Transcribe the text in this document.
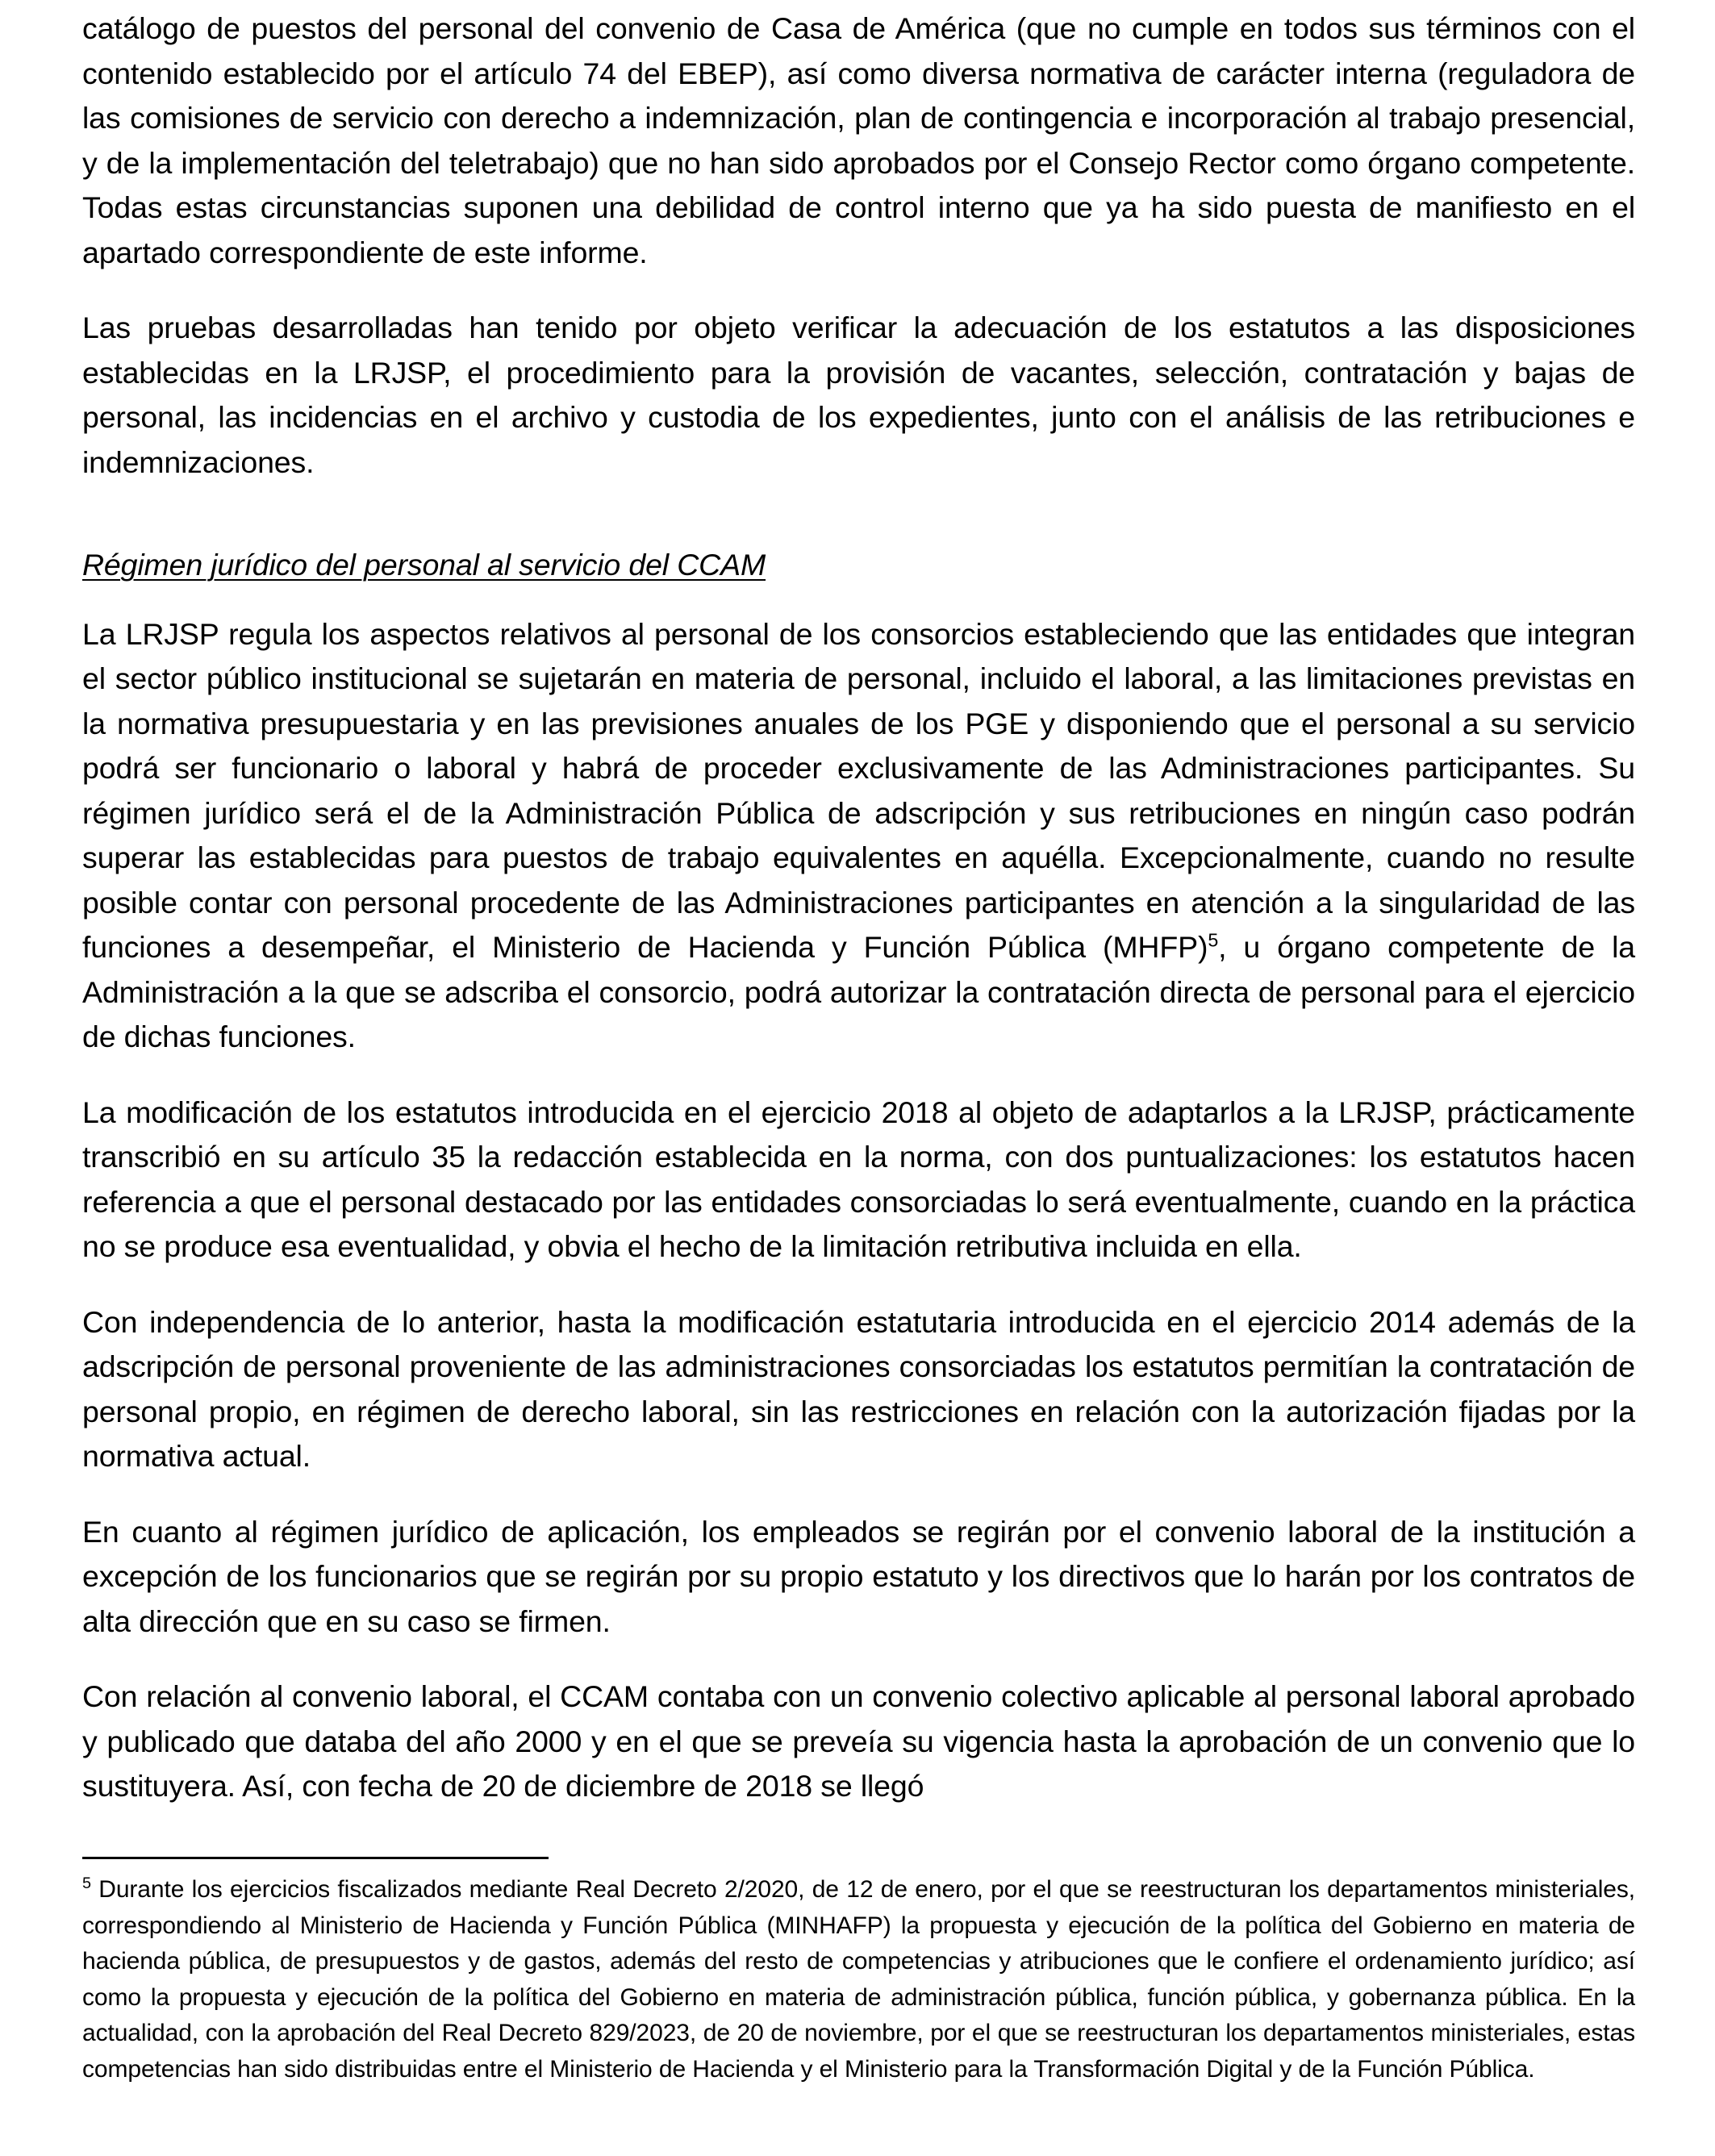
catálogo de puestos del personal del convenio de Casa de América (que no cumple en todos sus términos con el contenido establecido por el artículo 74 del EBEP), así como diversa normativa de carácter interna (reguladora de las comisiones de servicio con derecho a indemnización, plan de contingencia e incorporación al trabajo presencial, y de la implementación del teletrabajo) que no han sido aprobados por el Consejo Rector como órgano competente. Todas estas circunstancias suponen una debilidad de control interno que ya ha sido puesta de manifiesto en el apartado correspondiente de este informe.

Las pruebas desarrolladas han tenido por objeto verificar la adecuación de los estatutos a las disposiciones establecidas en la LRJSP, el procedimiento para la provisión de vacantes, selección, contratación y bajas de personal, las incidencias en el archivo y custodia de los expedientes, junto con el análisis de las retribuciones e indemnizaciones.

Régimen jurídico del personal al servicio del CCAM

La LRJSP regula los aspectos relativos al personal de los consorcios estableciendo que las entidades que integran el sector público institucional se sujetarán en materia de personal, incluido el laboral, a las limitaciones previstas en la normativa presupuestaria y en las previsiones anuales de los PGE y disponiendo que el personal a su servicio podrá ser funcionario o laboral y habrá de proceder exclusivamente de las Administraciones participantes. Su régimen jurídico será el de la Administración Pública de adscripción y sus retribuciones en ningún caso podrán superar las establecidas para puestos de trabajo equivalentes en aquélla. Excepcionalmente, cuando no resulte posible contar con personal procedente de las Administraciones participantes en atención a la singularidad de las funciones a desempeñar, el Ministerio de Hacienda y Función Pública (MHFP)$^5$, u órgano competente de la Administración a la que se adscriba el consorcio, podrá autorizar la contratación directa de personal para el ejercicio de dichas funciones.

La modificación de los estatutos introducida en el ejercicio 2018 al objeto de adaptarlos a la LRJSP, prácticamente transcribió en su artículo 35 la redacción establecida en la norma, con dos puntualizaciones: los estatutos hacen referencia a que el personal destacado por las entidades consorciadas lo será eventualmente, cuando en la práctica no se produce esa eventualidad, y obvia el hecho de la limitación retributiva incluida en ella.

Con independencia de lo anterior, hasta la modificación estatutaria introducida en el ejercicio 2014 además de la adscripción de personal proveniente de las administraciones consorciadas los estatutos permitían la contratación de personal propio, en régimen de derecho laboral, sin las restricciones en relación con la autorización fijadas por la normativa actual.

En cuanto al régimen jurídico de aplicación, los empleados se regirán por el convenio laboral de la institución a excepción de los funcionarios que se regirán por su propio estatuto y los directivos que lo harán por los contratos de alta dirección que en su caso se firmen.

Con relación al convenio laboral, el CCAM contaba con un convenio colectivo aplicable al personal laboral aprobado y publicado que databa del año 2000 y en el que se preveía su vigencia hasta la aprobación de un convenio que lo sustituyera. Así, con fecha de 20 de diciembre de 2018 se llegó

$^5$ Durante los ejercicios fiscalizados mediante Real Decreto 2/2020, de 12 de enero, por el que se reestructuran los departamentos ministeriales, correspondiendo al Ministerio de Hacienda y Función Pública (MINHAFP) la propuesta y ejecución de la política del Gobierno en materia de hacienda pública, de presupuestos y de gastos, además del resto de competencias y atribuciones que le confiere el ordenamiento jurídico; así como la propuesta y ejecución de la política del Gobierno en materia de administración pública, función pública, y gobernanza pública. En la actualidad, con la aprobación del Real Decreto 829/2023, de 20 de noviembre, por el que se reestructuran los departamentos ministeriales, estas competencias han sido distribuidas entre el Ministerio de Hacienda y el Ministerio para la Transformación Digital y de la Función Pública.
